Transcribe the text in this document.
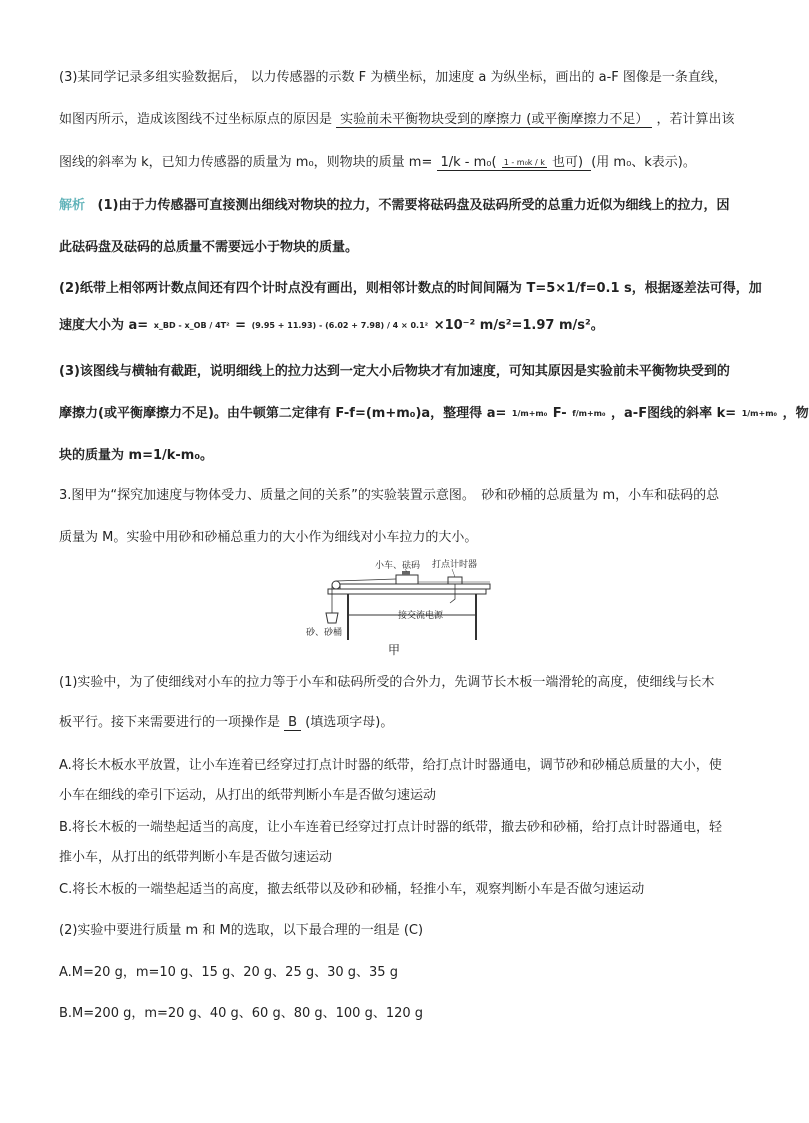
(3)某同学记录多组实验数据后， 以力传感器的示数 F 为横坐标，加速度 a 为纵坐标，画出的 a-F 图像是一条直线，
如图丙所示，造成该图线不过坐标原点的原因是 实验前未平衡物块受到的摩擦力 (或平衡摩擦力不足） ，若计算出该
图线的斜率为 k，已知力传感器的质量为 m₀，则物块的质量 m= 1/k - m₀( 1 - m₀k / k 也可) (用 m₀、k表示)。
解析 (1)由于力传感器可直接测出细线对物块的拉力，不需要将砝码盘及砝码所受的总重力近似为细线上的拉力，因
此砝码盘及砝码的总质量不需要远小于物块的质量。
(2)纸带上相邻两计数点间还有四个计时点没有画出，则相邻计数点的时间间隔为 T=5×1/f=0.1 s，根据逐差法可得，加
速度大小为 a= x_BD - x_OB / 4T² = (9.95 + 11.93) - (6.02 + 7.98) / 4 × 0.1² ×10⁻² m/s²=1.97 m/s²。
(3)该图线与横轴有截距，说明细线上的拉力达到一定大小后物块才有加速度，可知其原因是实验前未平衡物块受到的
摩擦力(或平衡摩擦力不足)。由牛顿第二定律有 F-f=(m+m₀)a，整理得 a= 1/m+m₀ F- f/m+m₀ ，a-F图线的斜率 k= 1/m+m₀ ，物
块的质量为 m=1/k-m₀。
3.图甲为“探究加速度与物体受力、质量之间的关系”的实验装置示意图。　砂和砂桶的总质量为 m，小车和砝码的总
质量为 M。实验中用砂和砂桶总重力的大小作为细线对小车拉力的大小。
小车、砝码 打点计时器
接交流电源
砂、砂桶
甲
(1)实验中，为了使细线对小车的拉力等于小车和砝码所受的合外力，先调节长木板一端滑轮的高度，使细线与长木
板平行。接下来需要进行的一项操作是 B (填选项字母)。
A.将长木板水平放置，让小车连着已经穿过打点计时器的纸带，给打点计时器通电，调节砂和砂桶总质量的大小，使
小车在细线的牵引下运动，从打出的纸带判断小车是否做匀速运动
B.将长木板的一端垫起适当的高度，让小车连着已经穿过打点计时器的纸带，撤去砂和砂桶，给打点计时器通电，轻
推小车，从打出的纸带判断小车是否做匀速运动
C.将长木板的一端垫起适当的高度，撤去纸带以及砂和砂桶，轻推小车，观察判断小车是否做匀速运动
(2)实验中要进行质量 m 和 M的选取，以下最合理的一组是 (C)
A.M=20 g，m=10 g、15 g、20 g、25 g、30 g、35 g
B.M=200 g，m=20 g、40 g、60 g、80 g、100 g、120 g
